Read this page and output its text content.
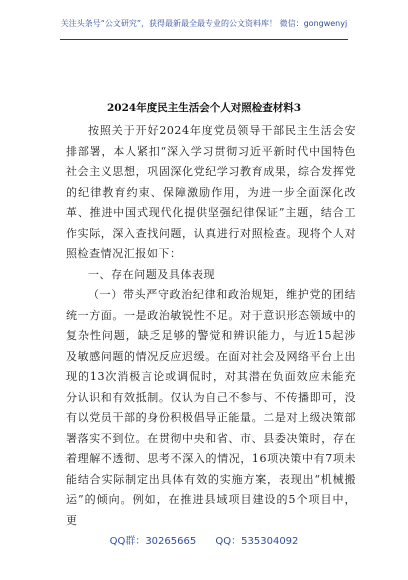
关注头条号“公文研究”，获得最新最全最专业的公文资料库！ 微信：gongwenyj
2024年度民主生活会个人对照检查材料3

按照关于开好2024年度党员领导干部民主生活会安排部署，本人紧扣“深入学习贯彻习近平新时代中国特色社会主义思想，巩固深化党纪学习教育成果，综合发挥党的纪律教育约束、保障激励作用，为进一步全面深化改革、推进中国式现代化提供坚强纪律保证”主题，结合工作实际，深入查找问题，认真进行对照检查。现将个人对照检查情况汇报如下：

一、存在问题及具体表现

（一）带头严守政治纪律和政治规矩，维护党的团结统一方面。一是政治敏锐性不足。对于意识形态领域中的复杂性问题，缺乏足够的警觉和辨识能力，与近15起涉及敏感问题的情况反应迟缓。在面对社会及网络平台上出现的13次消极言论或调侃时，对其潜在负面效应未能充分认识和有效抵制。仅认为自己不参与、不传播即可，没有以党员干部的身份积极倡导正能量。二是对上级决策部署落实不到位。在贯彻中央和省、市、县委决策时，存在着理解不透彻、思考不深入的情况，16项决策中有7项未能结合实际制定出具体有效的实施方案，表现出“机械搬运”的倾向。例如，在推进县域项目建设的5个项目中，更

QQ群：30265665 QQ：535304092
